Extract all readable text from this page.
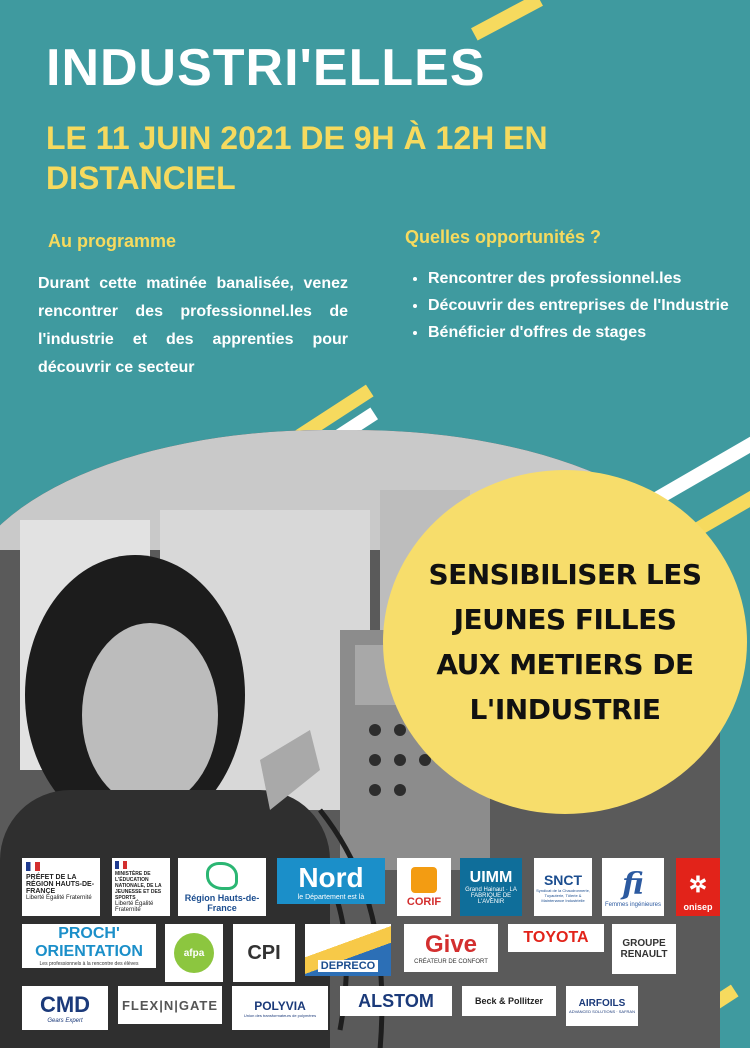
INDUSTRI'ELLES
LE 11 JUIN 2021 DE 9H À 12H EN DISTANCIEL
Au programme
Durant cette matinée banalisée, venez rencontrer des professionnel.les de l'industrie et des apprenties pour découvrir ce secteur
Quelles opportunités ?
• Rencontrer des professionnel.les
• Découvrir des entreprises de l'Industrie
• Bénéficier d'offres de stages
SENSIBILISER LES JEUNES FILLES AUX METIERS DE L'INDUSTRIE
PRÉFET DE LA RÉGION HAUTS-DE-FRANCE
Liberté Égalité Fraternité
MINISTÈRE DE L'ÉDUCATION NATIONALE, DE LA JEUNESSE ET DES SPORTS
Liberté Égalité Fraternité
Région Hauts-de-France
Nord
le Département est là	CORIF
UIMM
Grand Hainaut · LA FABRIQUE DE L'AVENIR
SNCT
Syndicat de la Chaudronnerie, Tuyauterie, Tôlerie & Maintenance Industrielle fi
Femmes ingénieures
✲
onisep
PROCH' ORIENTATION
Les professionnels à la rencontre des élèves
afpa	CPI
DEPRECO
Give
CRÉATEUR DE CONFORT
TOYOTA	GROUPE RENAULT
CMD
Gears Expert
FLEX|N|GATE	POLYVIA
Union des transformateurs de polymères
ALSTOM	Beck & Pollitzer	AIRFOILS
ADVANCED SOLUTIONS · SAFRAN
